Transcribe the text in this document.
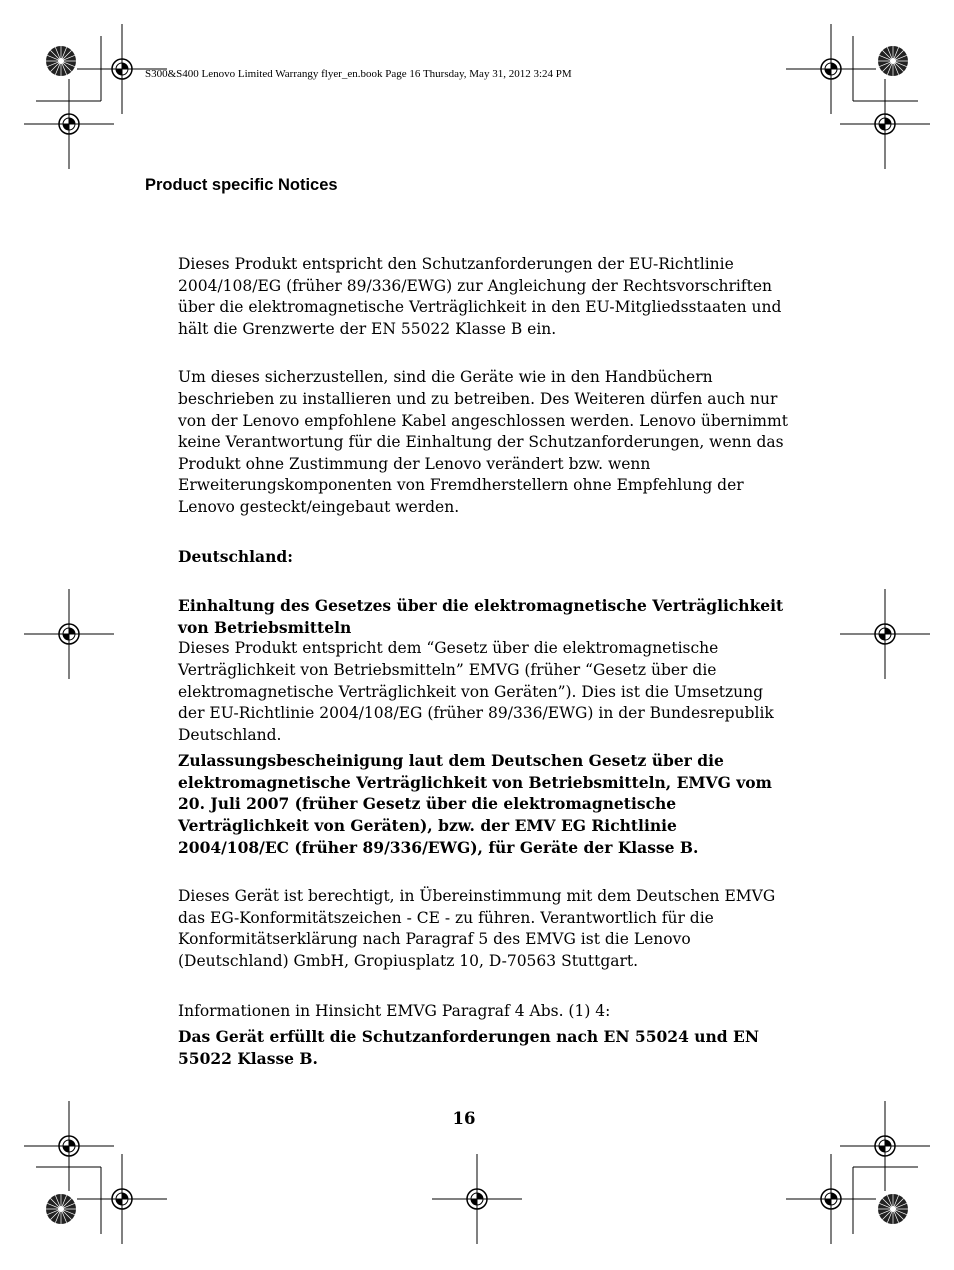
S300&S400 Lenovo Limited Warrangy flyer_en.book Page 16 Thursday, May 31, 2012 3:24 PM
Product specific Notices

Dieses Produkt entspricht den Schutzanforderungen der EU-Richtlinie 2004/108/EG (früher 89/336/EWG) zur Angleichung der Rechtsvorschriften über die elektromagnetische Verträglichkeit in den EU-Mitgliedsstaaten und hält die Grenzwerte der EN 55022 Klasse B ein.

Um dieses sicherzustellen, sind die Geräte wie in den Handbüchern beschrieben zu installieren und zu betreiben. Des Weiteren dürfen auch nur von der Lenovo empfohlene Kabel angeschlossen werden. Lenovo übernimmt keine Verantwortung für die Einhaltung der Schutzanforderungen, wenn das Produkt ohne Zustimmung der Lenovo verändert bzw. wenn Erweiterungskomponenten von Fremdherstellern ohne Empfehlung der Lenovo gesteckt/eingebaut werden.

Deutschland:

Einhaltung des Gesetzes über die elektromagnetische Verträglichkeit von Betriebsmitteln

Dieses Produkt entspricht dem “Gesetz über die elektromagnetische Verträglichkeit von Betriebsmitteln” EMVG (früher “Gesetz über die elektromagnetische Verträglichkeit von Geräten”). Dies ist die Umsetzung der EU-Richtlinie 2004/108/EG (früher 89/336/EWG) in der Bundesrepublik Deutschland.

Zulassungsbescheinigung laut dem Deutschen Gesetz über die elektromagnetische Verträglichkeit von Betriebsmitteln, EMVG vom 20. Juli 2007 (früher Gesetz über die elektromagnetische Verträglichkeit von Geräten), bzw. der EMV EG Richtlinie 2004/108/EC (früher 89/336/EWG), für Geräte der Klasse B.

Dieses Gerät ist berechtigt, in Übereinstimmung mit dem Deutschen EMVG das EG-Konformitätszeichen - CE - zu führen. Verantwortlich für die Konformitätserklärung nach Paragraf 5 des EMVG ist die Lenovo (Deutschland) GmbH, Gropiusplatz 10, D-70563 Stuttgart.

Informationen in Hinsicht EMVG Paragraf 4 Abs. (1) 4:

Das Gerät erfüllt die Schutzanforderungen nach EN 55024 und EN 55022 Klasse B.

16
